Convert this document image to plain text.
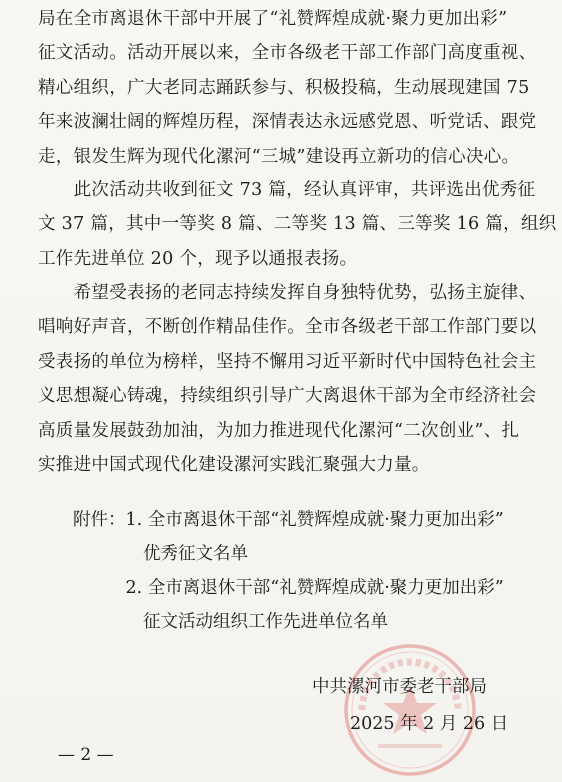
局在全市离退休干部中开展了“礼赞辉煌成就·聚力更加出彩”
征文活动。活动开展以来，全市各级老干部工作部门高度重视、
精心组织，广大老同志踊跃参与、积极投稿，生动展现建国 75
年来波澜壮阔的辉煌历程，深情表达永远感党恩、听党话、跟党
走，银发生辉为现代化漯河“三城”建设再立新功的信心决心。
　　此次活动共收到征文 73 篇，经认真评审，共评选出优秀征
文 37 篇，其中一等奖 8 篇、二等奖 13 篇、三等奖 16 篇，组织
工作先进单位 20 个，现予以通报表扬。
　　希望受表扬的老同志持续发挥自身独特优势，弘扬主旋律、
唱响好声音，不断创作精品佳作。全市各级老干部工作部门要以
受表扬的单位为榜样，坚持不懈用习近平新时代中国特色社会主
义思想凝心铸魂，持续组织引导广大离退休干部为全市经济社会
高质量发展鼓劲加油，为加力推进现代化漯河“二次创业”、扎
实推进中国式现代化建设漯河实践汇聚强大力量。
　　附件：1. 全市离退休干部“礼赞辉煌成就·聚力更加出彩”
　　　　　　优秀征文名单
　　　　　2. 全市离退休干部“礼赞辉煌成就·聚力更加出彩”
　　　　　　征文活动组织工作先进单位名单
中共漯河市委老干部局
2025 年 2 月 26 日
— 2 —
